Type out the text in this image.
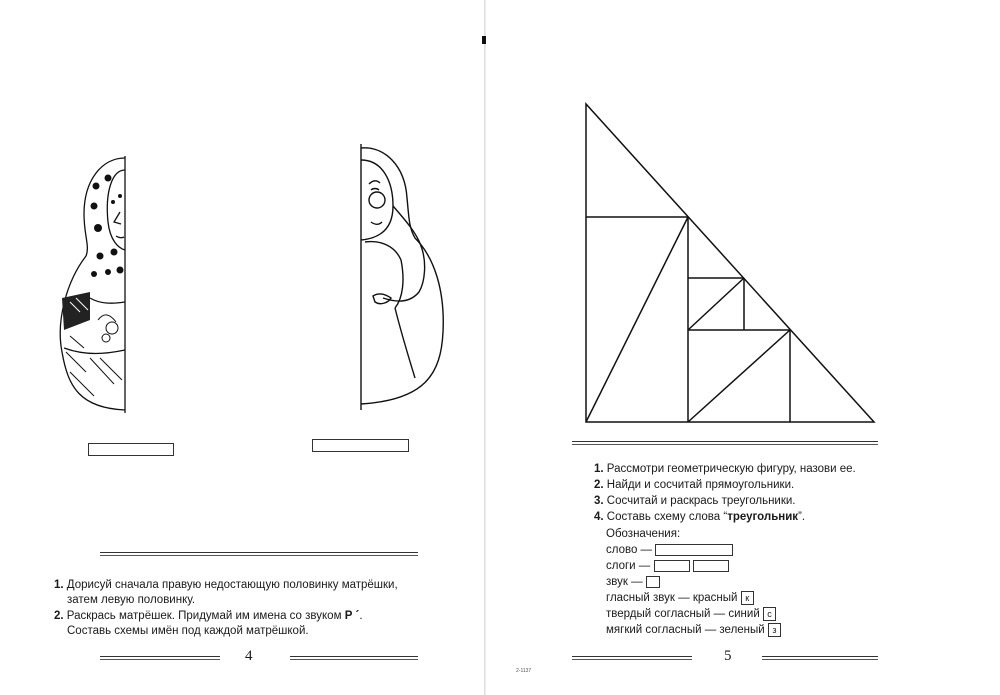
1. Дорисуй сначала правую недостающую половинку матрёшки,

затем левую половинку.

2. Раскрась матрёшек. Придумай им имена со звуком Р ´.

Составь схемы имён под каждой матрёшкой.

4

1. Рассмотри геометрическую фигуру, назови ее.

2. Найди и сосчитай прямоугольники.

3. Сосчитай и раскрась треугольники.

4. Составь схему слова “треугольник”.

Обозначения:

слово —

слоги —

звук —

гласный звук — красный к

твердый согласный — синий с

мягкий согласный — зеленый з

2-1137
5
